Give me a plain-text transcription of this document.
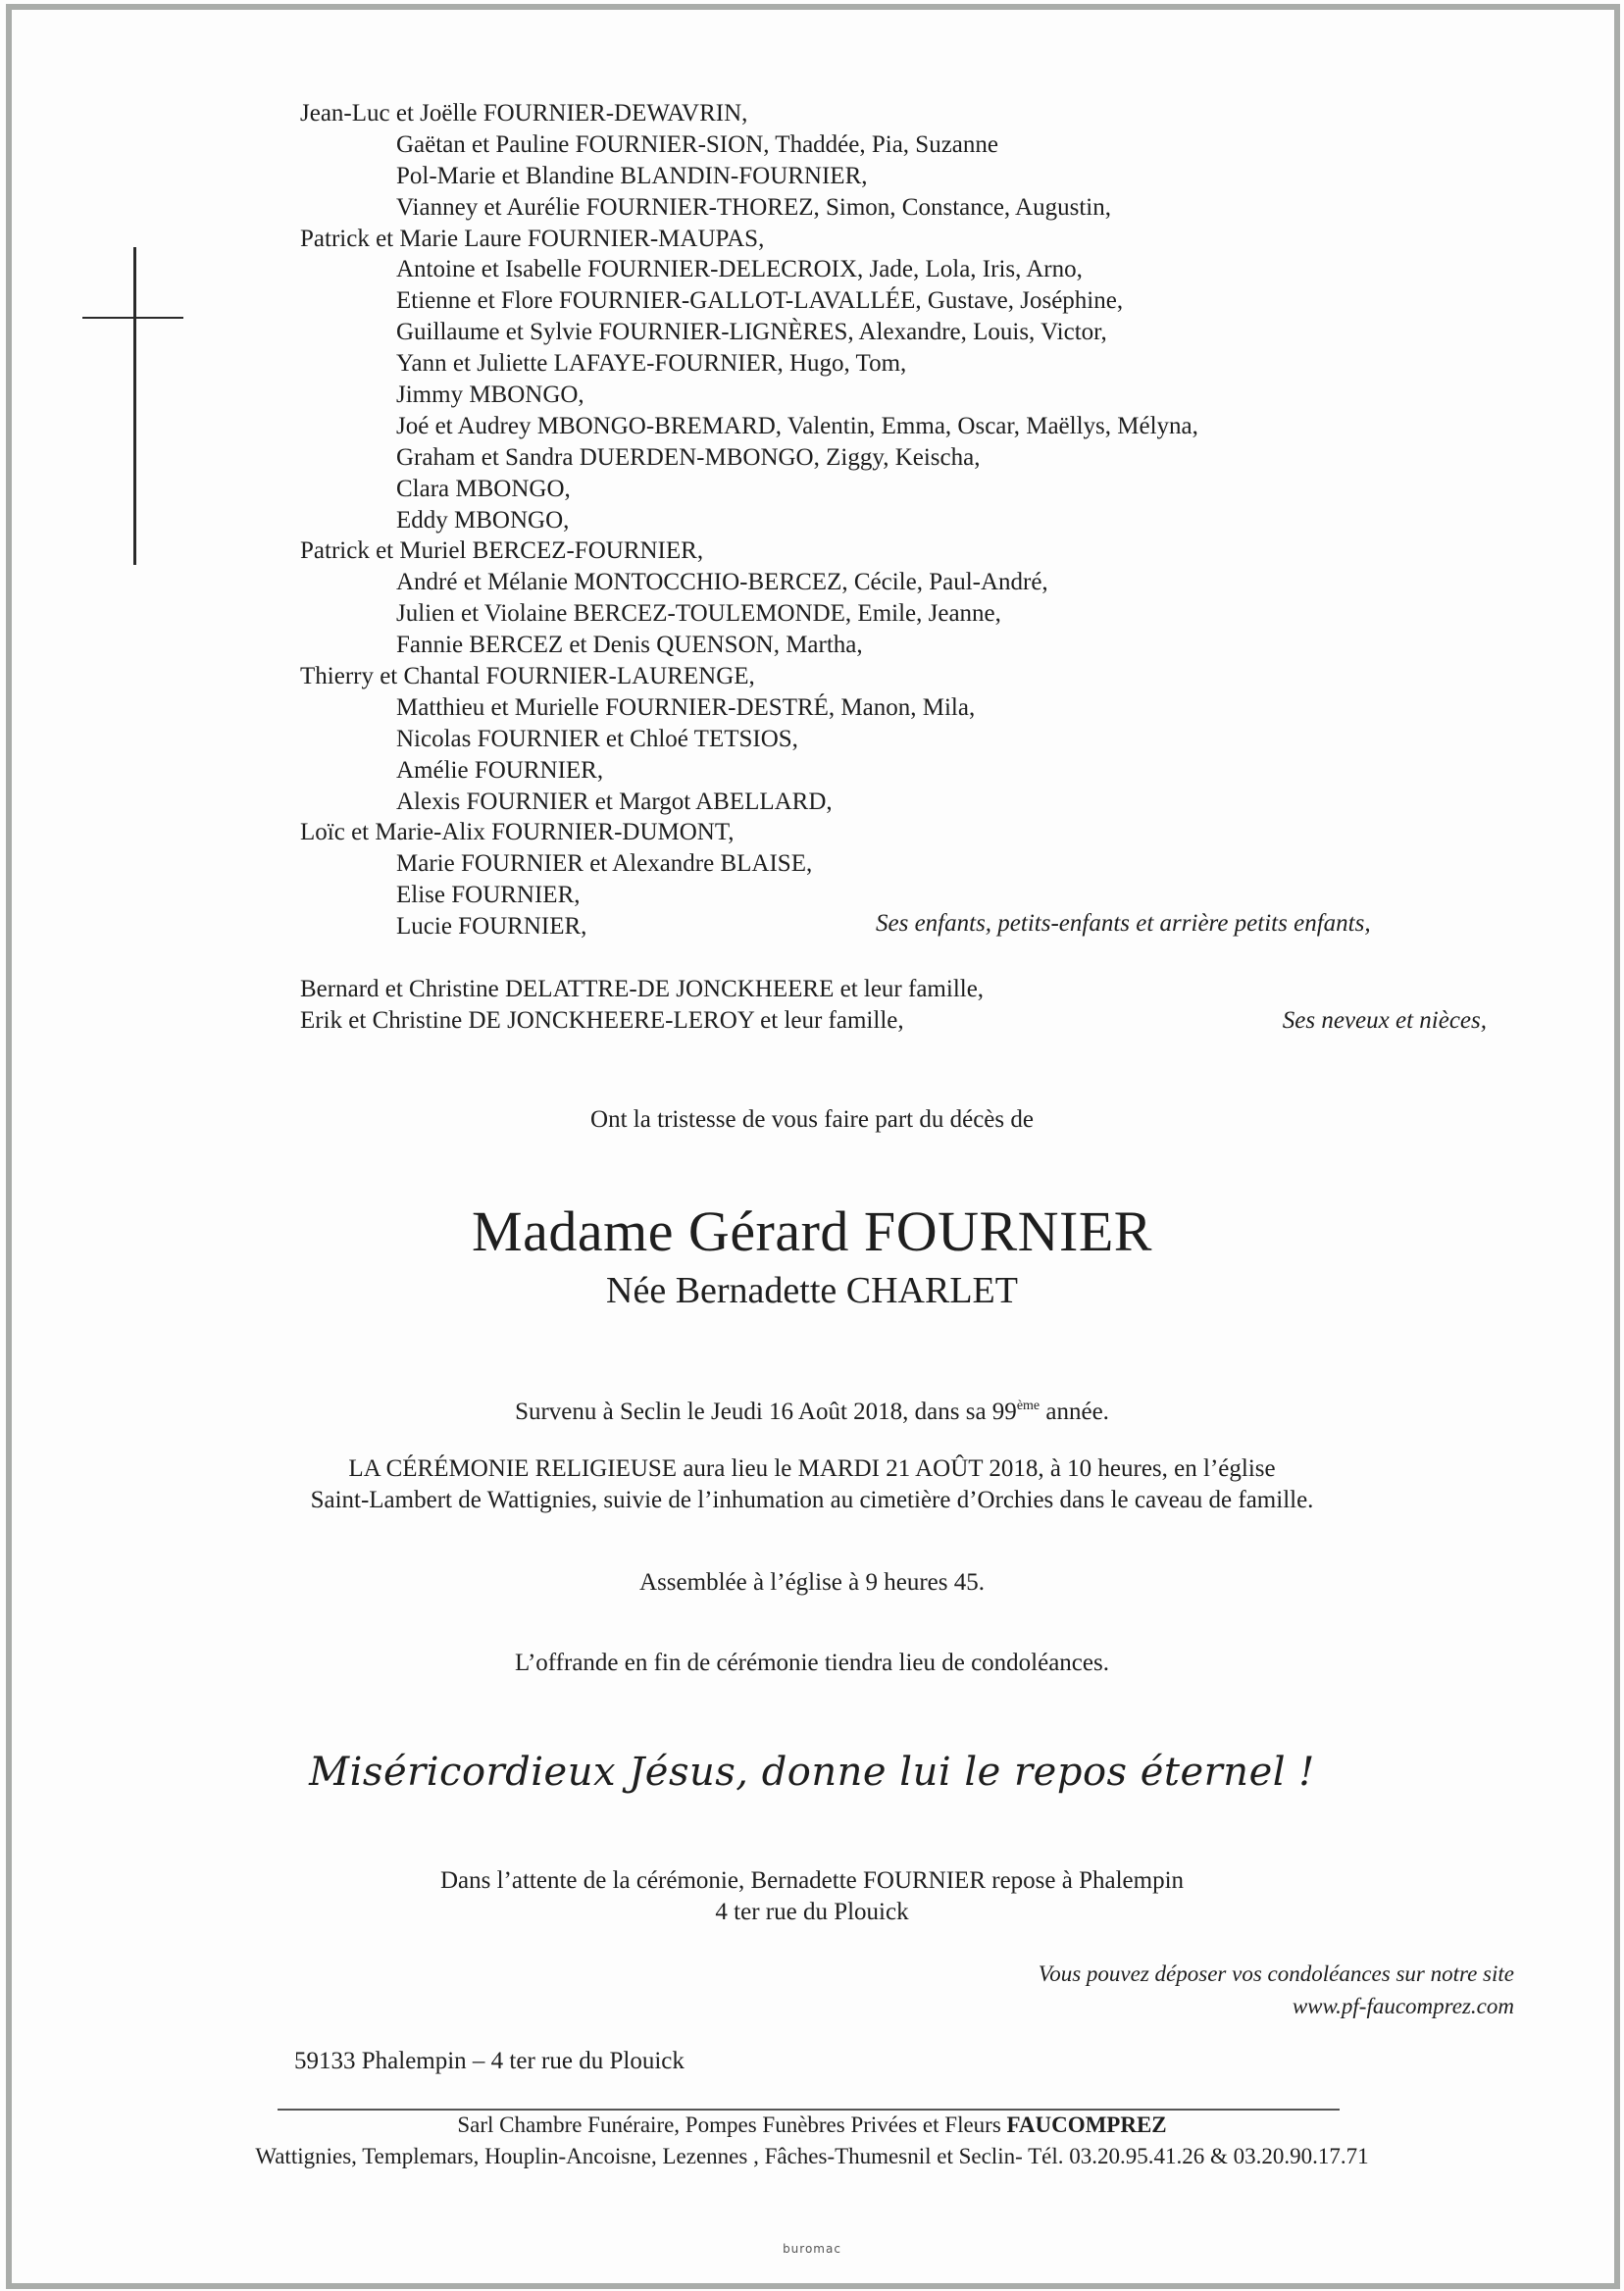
Jean-Luc et Joëlle FOURNIER-DEWAVRIN,
Gaëtan et Pauline FOURNIER-SION, Thaddée, Pia, Suzanne
Pol-Marie et Blandine BLANDIN-FOURNIER,
Vianney et Aurélie FOURNIER-THOREZ, Simon, Constance, Augustin,
Patrick et Marie Laure FOURNIER-MAUPAS,
Antoine et Isabelle FOURNIER-DELECROIX, Jade, Lola, Iris, Arno,
Etienne et Flore FOURNIER-GALLOT-LAVALLÉE, Gustave, Joséphine,
Guillaume et Sylvie FOURNIER-LIGNÈRES, Alexandre, Louis, Victor,
Yann et Juliette LAFAYE-FOURNIER, Hugo, Tom,
Jimmy MBONGO,
Joé et Audrey MBONGO-BREMARD, Valentin, Emma, Oscar, Maëllys, Mélyna,
Graham et Sandra DUERDEN-MBONGO, Ziggy, Keischa,
Clara MBONGO,
Eddy MBONGO,
Patrick et Muriel BERCEZ-FOURNIER,
André et Mélanie MONTOCCHIO-BERCEZ, Cécile, Paul-André,
Julien et Violaine BERCEZ-TOULEMONDE, Emile, Jeanne,
Fannie BERCEZ et Denis QUENSON, Martha,
Thierry et Chantal FOURNIER-LAURENGE,
Matthieu et Murielle FOURNIER-DESTRÉ, Manon, Mila,
Nicolas FOURNIER et Chloé TETSIOS,
Amélie FOURNIER,
Alexis FOURNIER et Margot ABELLARD,
Loïc et Marie-Alix FOURNIER-DUMONT,
Marie FOURNIER et Alexandre BLAISE,
Elise FOURNIER,
Lucie FOURNIER,	Ses enfants, petits-enfants et arrière petits enfants,
Bernard et Christine DELATTRE-DE JONCKHEERE et leur famille,
Erik et Christine DE JONCKHEERE-LEROY et leur famille,	Ses neveux et nièces,
Ont la tristesse de vous faire part du décès de
Madame Gérard FOURNIER
Née Bernadette CHARLET
Survenu à Seclin le Jeudi 16 Août 2018, dans sa 99ème année.
LA CÉRÉMONIE RELIGIEUSE aura lieu le MARDI 21 AOÛT 2018, à 10 heures, en l’église
Saint-Lambert de Wattignies, suivie de l’inhumation au cimetière d’Orchies dans le caveau de famille.
Assemblée à l’église à 9 heures 45.
L’offrande en fin de cérémonie tiendra lieu de condoléances.
Miséricordieux Jésus, donne lui le repos éternel !
Dans l’attente de la cérémonie, Bernadette FOURNIER repose à Phalempin
4 ter rue du Plouick
Vous pouvez déposer vos condoléances sur notre site
www.pf-faucomprez.com
59133 Phalempin – 4 ter rue du Plouick
Sarl Chambre Funéraire, Pompes Funèbres Privées et Fleurs FAUCOMPREZ
Wattignies, Templemars, Houplin-Ancoisne, Lezennes , Fâches-Thumesnil et Seclin- Tél. 03.20.95.41.26 & 03.20.90.17.71
buromac
